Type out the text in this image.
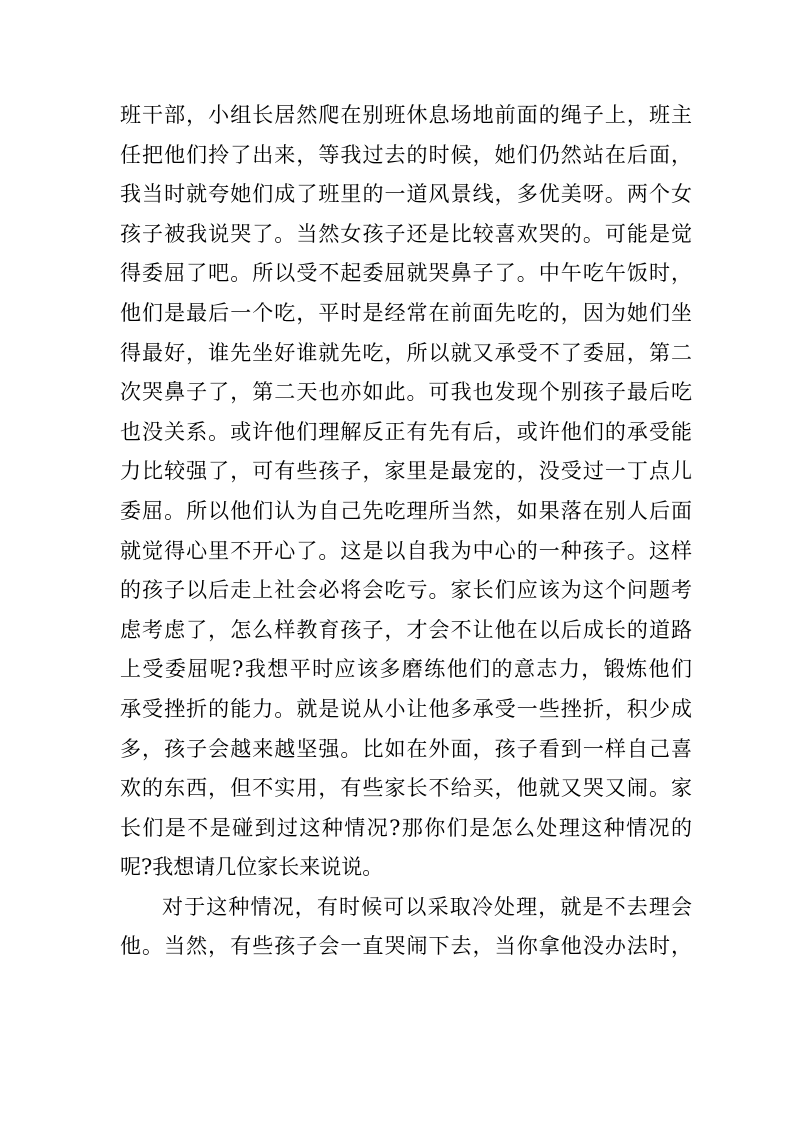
班干部，小组长居然爬在别班休息场地前面的绳子上，班主
任把他们拎了出来，等我过去的时候，她们仍然站在后面，
我当时就夸她们成了班里的一道风景线，多优美呀。两个女
孩子被我说哭了。当然女孩子还是比较喜欢哭的。可能是觉
得委屈了吧。所以受不起委屈就哭鼻子了。中午吃午饭时，
他们是最后一个吃，平时是经常在前面先吃的，因为她们坐
得最好，谁先坐好谁就先吃，所以就又承受不了委屈，第二
次哭鼻子了，第二天也亦如此。可我也发现个别孩子最后吃
也没关系。或许他们理解反正有先有后，或许他们的承受能
力比较强了，可有些孩子，家里是最宠的，没受过一丁点儿
委屈。所以他们认为自己先吃理所当然，如果落在别人后面
就觉得心里不开心了。这是以自我为中心的一种孩子。这样
的孩子以后走上社会必将会吃亏。家长们应该为这个问题考
虑考虑了，怎么样教育孩子，才会不让他在以后成长的道路
上受委屈呢?我想平时应该多磨练他们的意志力，锻炼他们
承受挫折的能力。就是说从小让他多承受一些挫折，积少成
多，孩子会越来越坚强。比如在外面，孩子看到一样自己喜
欢的东西，但不实用，有些家长不给买，他就又哭又闹。家
长们是不是碰到过这种情况?那你们是怎么处理这种情况的
呢?我想请几位家长来说说。
对于这种情况，有时候可以采取冷处理，就是不去理会
他。当然，有些孩子会一直哭闹下去，当你拿他没办法时，
